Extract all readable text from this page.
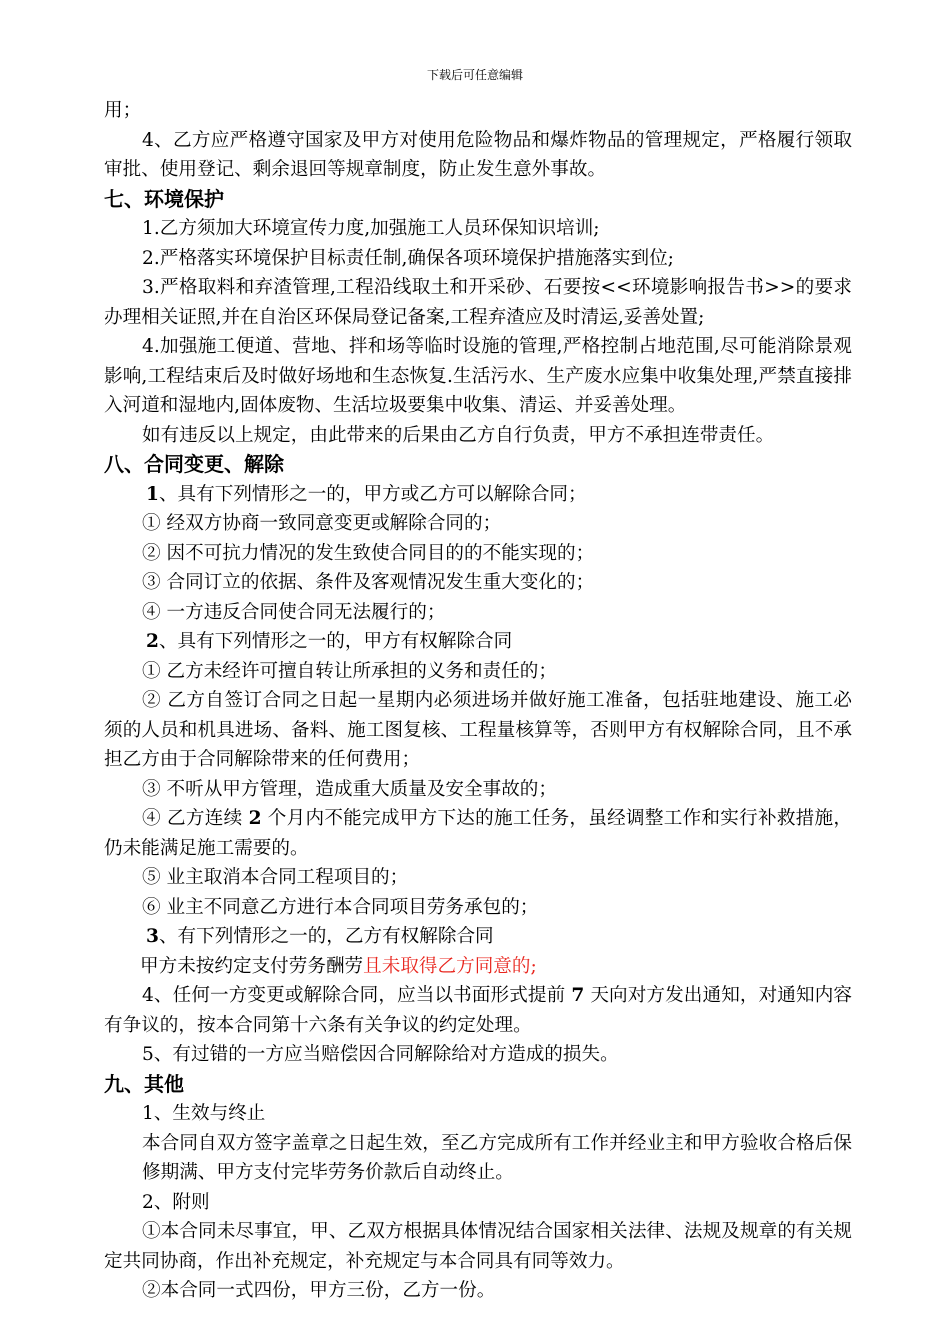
下载后可任意编辑

用；

4、乙方应严格遵守国家及甲方对使用危险物品和爆炸物品的管理规定，严格履行领取审批、使用登记、剩余退回等规章制度，防止发生意外事故。

七、环境保护

1.乙方须加大环境宣传力度,加强施工人员环保知识培训;

2.严格落实环境保护目标责任制,确保各项环境保护措施落实到位;

3.严格取料和弃渣管理,工程沿线取土和开采砂、石要按<<环境影响报告书>>的要求办理相关证照,并在自治区环保局登记备案,工程弃渣应及时清运,妥善处置;

4.加强施工便道、营地、拌和场等临时设施的管理,严格控制占地范围,尽可能消除景观影响,工程结束后及时做好场地和生态恢复.生活污水、生产废水应集中收集处理,严禁直接排入河道和湿地内,固体废物、生活垃圾要集中收集、清运、并妥善处理。

如有违反以上规定，由此带来的后果由乙方自行负责，甲方不承担连带责任。

八、合同变更、解除

1、具有下列情形之一的，甲方或乙方可以解除合同；

① 经双方协商一致同意变更或解除合同的；

② 因不可抗力情况的发生致使合同目的的不能实现的；

③ 合同订立的依据、条件及客观情况发生重大变化的；

④ 一方违反合同使合同无法履行的；

2、具有下列情形之一的，甲方有权解除合同

① 乙方未经许可擅自转让所承担的义务和责任的；

② 乙方自签订合同之日起一星期内必须进场并做好施工准备，包括驻地建设、施工必须的人员和机具进场、备料、施工图复核、工程量核算等，否则甲方有权解除合同，且不承担乙方由于合同解除带来的任何费用；

③ 不听从甲方管理，造成重大质量及安全事故的；

④ 乙方连续 2 个月内不能完成甲方下达的施工任务，虽经调整工作和实行补救措施，仍未能满足施工需要的。

⑤ 业主取消本合同工程项目的；

⑥ 业主不同意乙方进行本合同项目劳务承包的；

3、有下列情形之一的，乙方有权解除合同

甲方未按约定支付劳务酬劳且未取得乙方同意的;

4、任何一方变更或解除合同，应当以书面形式提前 7 天向对方发出通知，对通知内容有争议的，按本合同第十六条有关争议的约定处理。

5、有过错的一方应当赔偿因合同解除给对方造成的损失。

九、其他

1、生效与终止

本合同自双方签字盖章之日起生效，至乙方完成所有工作并经业主和甲方验收合格后保修期满、甲方支付完毕劳务价款后自动终止。

2、附则

①本合同未尽事宜，甲、乙双方根据具体情况结合国家相关法律、法规及规章的有关规定共同协商，作出补充规定，补充规定与本合同具有同等效力。

②本合同一式四份，甲方三份，乙方一份。
